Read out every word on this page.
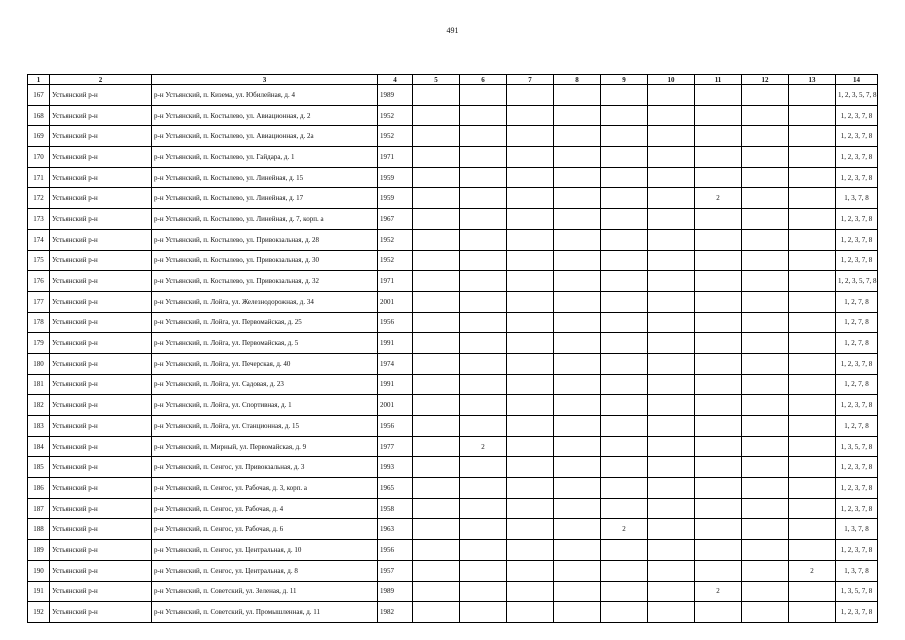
491
1	2	3	4	5	6	7	8	9	10	11	12	13	14
167	Устьянский р-н	р-н Устьянский, п. Кизема, ул. Юбилейная, д. 4	1989										1, 2, 3, 5, 7, 8
168	Устьянский р-н	р-н Устьянский, п. Костылево, ул. Авиационная, д. 2	1952										1, 2, 3, 7, 8
169	Устьянский р-н	р-н Устьянский, п. Костылево, ул. Авиационная, д. 2а	1952										1, 2, 3, 7, 8
170	Устьянский р-н	р-н Устьянский, п. Костылево, ул. Гайдара, д. 1	1971										1, 2, 3, 7, 8
171	Устьянский р-н	р-н Устьянский, п. Костылево, ул. Линейная, д. 15	1959										1, 2, 3, 7, 8
172	Устьянский р-н	р-н Устьянский, п. Костылево, ул. Линейная, д. 17	1959							2			1, 3, 7, 8
173	Устьянский р-н	р-н Устьянский, п. Костылево, ул. Линейная, д. 7, корп. а	1967										1, 2, 3, 7, 8
174	Устьянский р-н	р-н Устьянский, п. Костылево, ул. Привокзальная, д. 28	1952										1, 2, 3, 7, 8
175	Устьянский р-н	р-н Устьянский, п. Костылево, ул. Привокзальная, д. 30	1952										1, 2, 3, 7, 8
176	Устьянский р-н	р-н Устьянский, п. Костылево, ул. Привокзальная, д. 32	1971										1, 2, 3, 5, 7, 8
177	Устьянский р-н	р-н Устьянский, п. Лойга, ул. Железнодорожная, д. 34	2001										1, 2, 7, 8
178	Устьянский р-н	р-н Устьянский, п. Лойга, ул. Первомайская, д. 25	1956										1, 2, 7, 8
179	Устьянский р-н	р-н Устьянский, п. Лойга, ул. Первомайская, д. 5	1991										1, 2, 7, 8
180	Устьянский р-н	р-н Устьянский, п. Лойга, ул. Печерская, д. 40	1974										1, 2, 3, 7, 8
181	Устьянский р-н	р-н Устьянский, п. Лойга, ул. Садовая, д. 23	1991										1, 2, 7, 8
182	Устьянский р-н	р-н Устьянский, п. Лойга, ул. Спортивная, д. 1	2001										1, 2, 3, 7, 8
183	Устьянский р-н	р-н Устьянский, п. Лойга, ул. Станционная, д. 15	1956										1, 2, 7, 8
184	Устьянский р-н	р-н Устьянский, п. Мирный, ул. Первомайская, д. 9	1977		2								1, 3, 5, 7, 8
185	Устьянский р-н	р-н Устьянский, п. Сенгос, ул. Привокзальная, д. 3	1993										1, 2, 3, 7, 8
186	Устьянский р-н	р-н Устьянский, п. Сенгос, ул. Рабочая, д. 3, корп. а	1965										1, 2, 3, 7, 8
187	Устьянский р-н	р-н Устьянский, п. Сенгос, ул. Рабочая, д. 4	1958										1, 2, 3, 7, 8
188	Устьянский р-н	р-н Устьянский, п. Сенгос, ул. Рабочая, д. 6	1963					2					1, 3, 7, 8
189	Устьянский р-н	р-н Устьянский, п. Сенгос, ул. Центральная, д. 10	1956										1, 2, 3, 7, 8
190	Устьянский р-н	р-н Устьянский, п. Сенгос, ул. Центральная, д. 8	1957									2	1, 3, 7, 8
191	Устьянский р-н	р-н Устьянский, п. Советский, ул. Зеленая, д. 11	1989							2			1, 3, 5, 7, 8
192	Устьянский р-н	р-н Устьянский, п. Советский, ул. Промышленная, д. 11	1982										1, 2, 3, 7, 8
